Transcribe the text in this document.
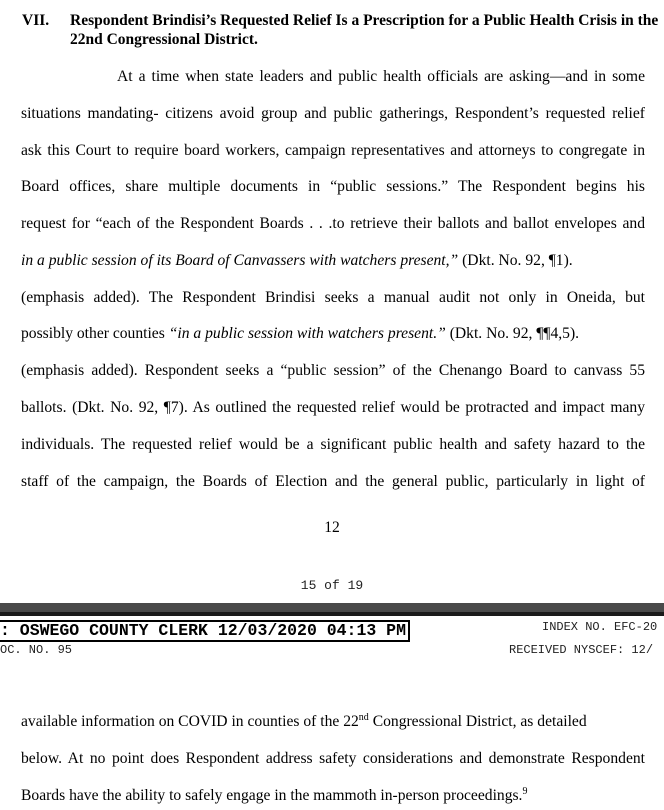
VII. Respondent Brindisi’s Requested Relief Is a Prescription for a Public Health Crisis in the 22nd Congressional District.
At a time when state leaders and public health officials are asking—and in some
situations mandating- citizens avoid group and public gatherings, Respondent’s requested relief
ask this Court to require board workers, campaign representatives and attorneys to congregate in
Board offices, share multiple documents in “public sessions.” The Respondent begins his
request for “each of the Respondent Boards . . .to retrieve their ballots and ballot envelopes and
in a public session of its Board of Canvassers with watchers present,” (Dkt. No. 92, ¶1).
(emphasis added). The Respondent Brindisi seeks a manual audit not only in Oneida, but
possibly other counties “in a public session with watchers present.” (Dkt. No. 92, ¶¶4,5).
(emphasis added). Respondent seeks a “public session” of the Chenango Board to canvass 55
ballots. (Dkt. No. 92, ¶7). As outlined the requested relief would be protracted and impact many
individuals. The requested relief would be a significant public health and safety hazard to the
staff of the campaign, the Boards of Election and the general public, particularly in light of
12
15 of 19
: OSWEGO COUNTY CLERK 12/03/2020 04:13 PM	INDEX NO. EFC-20
OC. NO. 95	RECEIVED NYSCEF: 12/
available information on COVID in counties of the 22nd Congressional District, as detailed
below. At no point does Respondent address safety considerations and demonstrate Respondent
Boards have the ability to safely engage in the mammoth in-person proceedings.$^9$
